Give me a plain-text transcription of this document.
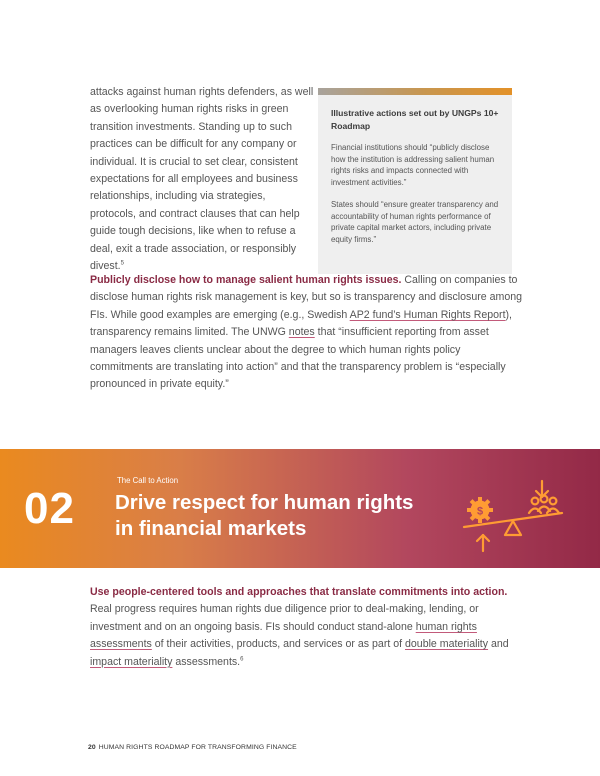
attacks against human rights defenders, as well as overlooking human rights risks in green transition investments. Standing up to such practices can be difficult for any company or individual. It is crucial to set clear, consistent expectations for all employees and business relationships, including via strategies, protocols, and contract clauses that can help guide tough decisions, like when to refuse a deal, exit a trade association, or responsibly divest.$^5$

Illustrative actions set out by UNGPs 10+ Roadmap

Financial institutions should “publicly disclose how the institution is addressing salient human rights risks and impacts connected with investment activities.”

States should “ensure greater transparency and accountability of human rights performance of private capital market actors, including private equity firms.”

Publicly disclose how to manage salient human rights issues. Calling on companies to disclose human rights risk management is key, but so is transparency and disclosure among FIs. While good examples are emerging (e.g., Swedish AP2 fund’s Human Rights Report), transparency remains limited. The UNWG notes that “insufficient reporting from asset managers leaves clients unclear about the degree to which human rights policy commitments are translating into action” and that the transparency problem is “especially pronounced in private equity.”

02
The Call to Action
Drive respect for human rights in financial markets
$

Use people-centered tools and approaches that translate commitments into action. Real progress requires human rights due diligence prior to deal-making, lending, or investment and on an ongoing basis. FIs should conduct stand-alone human rights assessments of their activities, products, and services or as part of double materiality and impact materiality assessments.$^6$

20 HUMAN RIGHTS ROADMAP FOR TRANSFORMING FINANCE
